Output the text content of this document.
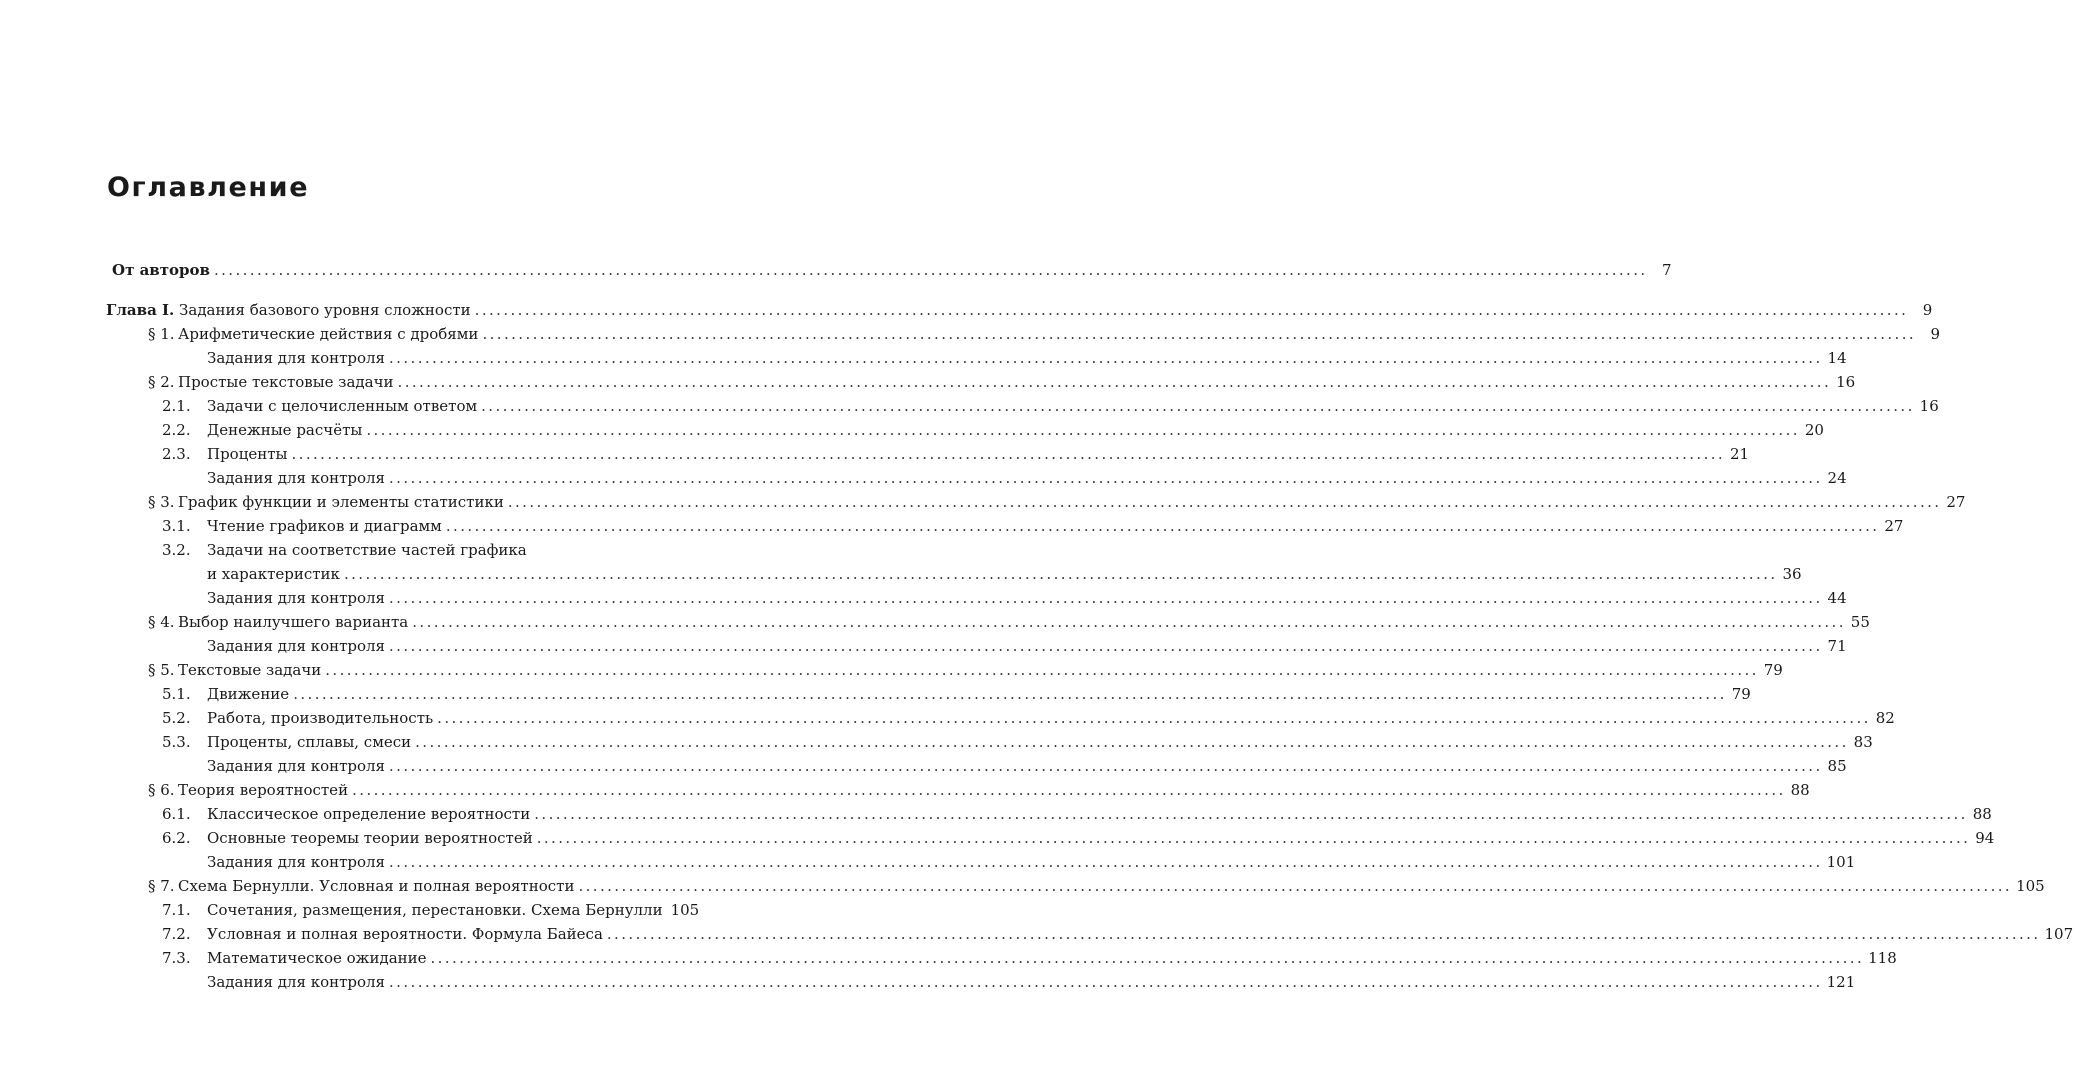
Оглавление
От авторов ........................................................................................................................................................................................................ 7
Глава I. Задания базового уровня сложности ........................................................................................................................................................................................................ 9
§ 1. Арифметические действия с дробями ........................................................................................................................................................................................................ 9
Задания для контроля ........................................................................................................................................................................................................ 14
§ 2. Простые текстовые задачи ........................................................................................................................................................................................................ 16
2.1. Задачи с целочисленным ответом ........................................................................................................................................................................................................ 16
2.2. Денежные расчёты ........................................................................................................................................................................................................ 20
2.3. Проценты ........................................................................................................................................................................................................ 21
Задания для контроля ........................................................................................................................................................................................................ 24
§ 3. График функции и элементы статистики ........................................................................................................................................................................................................ 27
3.1. Чтение графиков и диаграмм ........................................................................................................................................................................................................ 27
3.2. Задачи на соответствие частей графика
и характеристик ........................................................................................................................................................................................................ 36
Задания для контроля ........................................................................................................................................................................................................ 44
§ 4. Выбор наилучшего варианта ........................................................................................................................................................................................................ 55
Задания для контроля ........................................................................................................................................................................................................ 71
§ 5. Текстовые задачи ........................................................................................................................................................................................................ 79
5.1. Движение ........................................................................................................................................................................................................ 79
5.2. Работа, производительность ........................................................................................................................................................................................................ 82
5.3. Проценты, сплавы, смеси ........................................................................................................................................................................................................ 83
Задания для контроля ........................................................................................................................................................................................................ 85
§ 6. Теория вероятностей ........................................................................................................................................................................................................ 88
6.1. Классическое определение вероятности ........................................................................................................................................................................................................ 88
6.2. Основные теоремы теории вероятностей ........................................................................................................................................................................................................ 94
Задания для контроля ........................................................................................................................................................................................................ 101
§ 7. Схема Бернулли. Условная и полная вероятности ........................................................................................................................................................................................................ 105
7.1. Сочетания, размещения, перестановки. Схема Бернулли 105
7.2. Условная и полная вероятности. Формула Байеса ........................................................................................................................................................................................................ 107
7.3. Математическое ожидание ........................................................................................................................................................................................................ 118
Задания для контроля ........................................................................................................................................................................................................ 121
